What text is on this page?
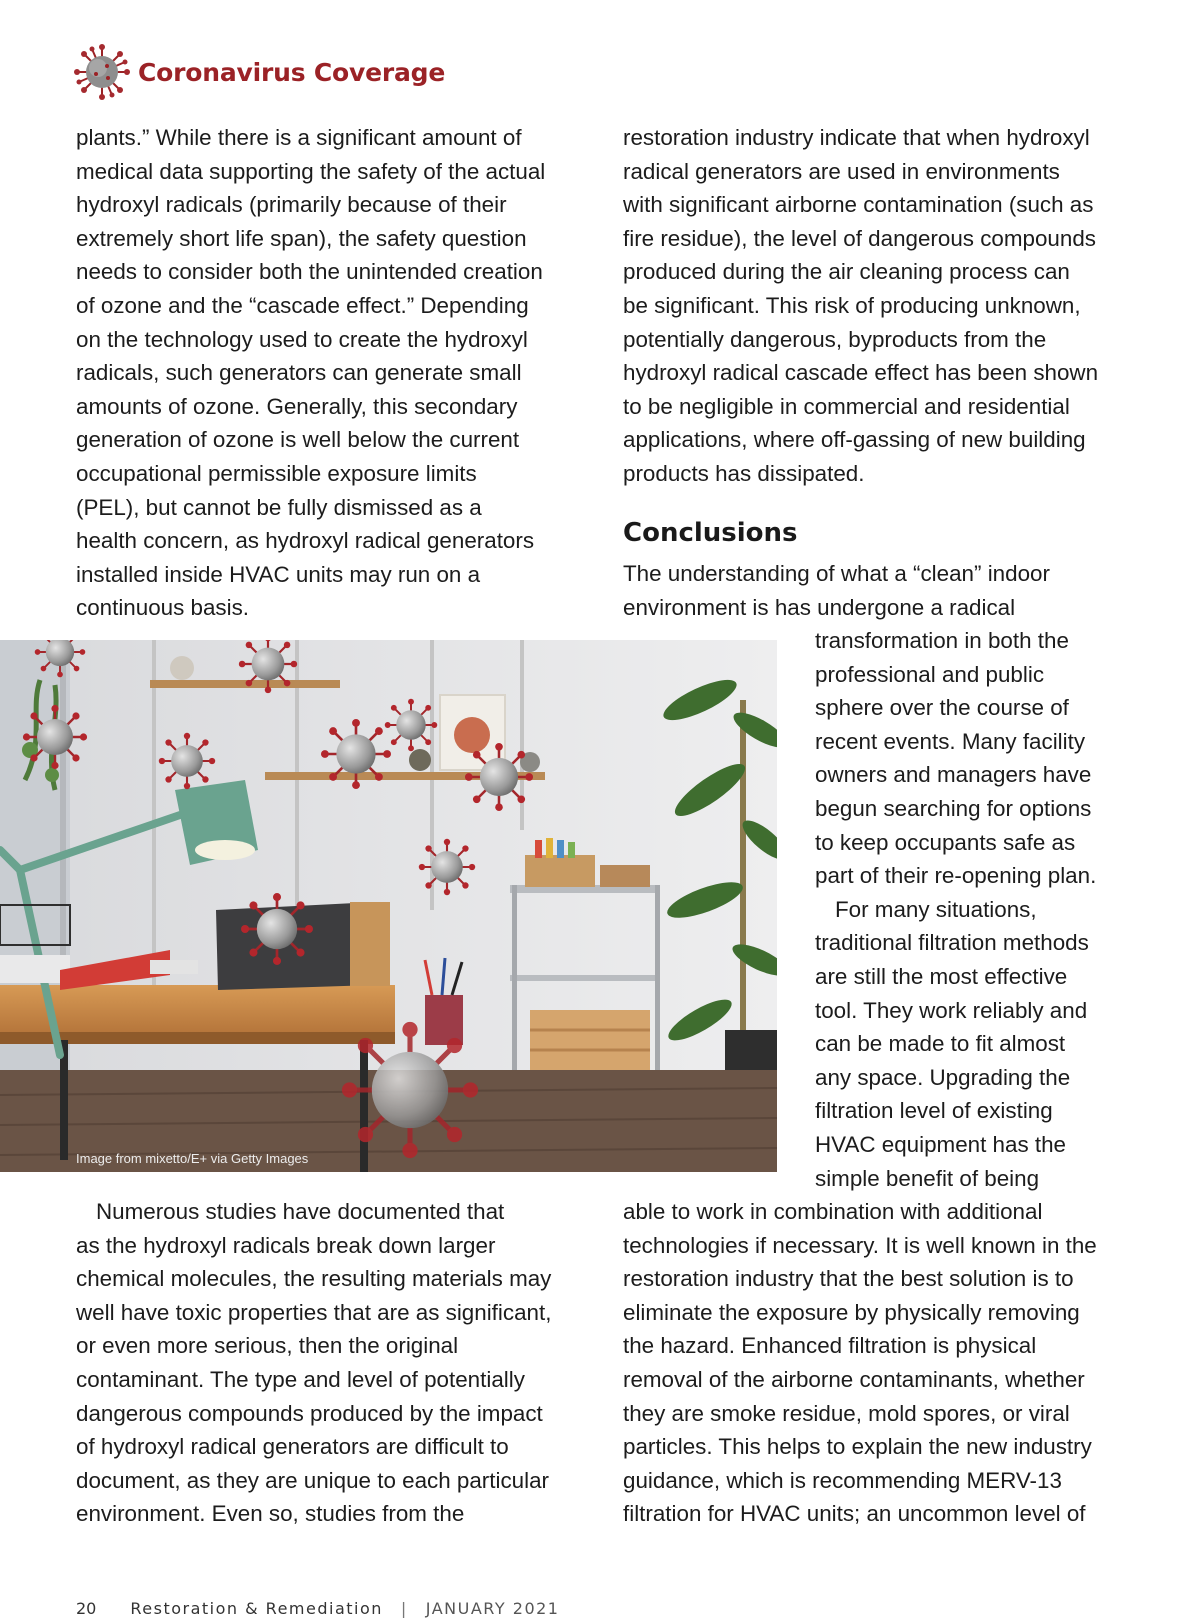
Coronavirus Coverage
plants.” While there is a significant amount of
medical data supporting the safety of the actual
hydroxyl radicals (primarily because of their
extremely short life span), the safety question
needs to consider both the unintended creation
of ozone and the “cascade effect.” Depending
on the technology used to create the hydroxyl
radicals, such generators can generate small
amounts of ozone. Generally, this secondary
generation of ozone is well below the current
occupational permissible exposure limits
(PEL), but cannot be fully dismissed as a
health concern, as hydroxyl radical generators
installed inside HVAC units may run on a
continuous basis.
restoration industry indicate that when hydroxyl
radical generators are used in environments
with significant airborne contamination (such as
fire residue), the level of dangerous compounds
produced during the air cleaning process can
be significant. This risk of producing unknown,
potentially dangerous, byproducts from the
hydroxyl radical cascade effect has been shown
to be negligible in commercial and residential
applications, where off-gassing of new building
products has dissipated.
Conclusions
The understanding of what a “clean” indoor
environment is has undergone a radical
transformation in both the
professional and public
sphere over the course of
recent events. Many facility
owners and managers have
begun searching for options
to keep occupants safe as
part of their re-opening plan.
For many situations,
traditional filtration methods
are still the most effective
tool. They work reliably and
can be made to fit almost
any space. Upgrading the
filtration level of existing
HVAC equipment has the
simple benefit of being
able to work in combination with additional
technologies if necessary. It is well known in the
restoration industry that the best solution is to
eliminate the exposure by physically removing
the hazard. Enhanced filtration is physical
removal of the airborne contaminants, whether
they are smoke residue, mold spores, or viral
particles. This helps to explain the new industry
guidance, which is recommending MERV-13
filtration for HVAC units; an uncommon level of
Numerous studies have documented that
as the hydroxyl radicals break down larger
chemical molecules, the resulting materials may
well have toxic properties that are as significant,
or even more serious, then the original
contaminant. The type and level of potentially
dangerous compounds produced by the impact
of hydroxyl radical generators are difficult to
document, as they are unique to each particular
environment. Even so, studies from the
Image from mixetto/E+ via Getty Images
20 Restoration & Remediation | JANUARY 2021
